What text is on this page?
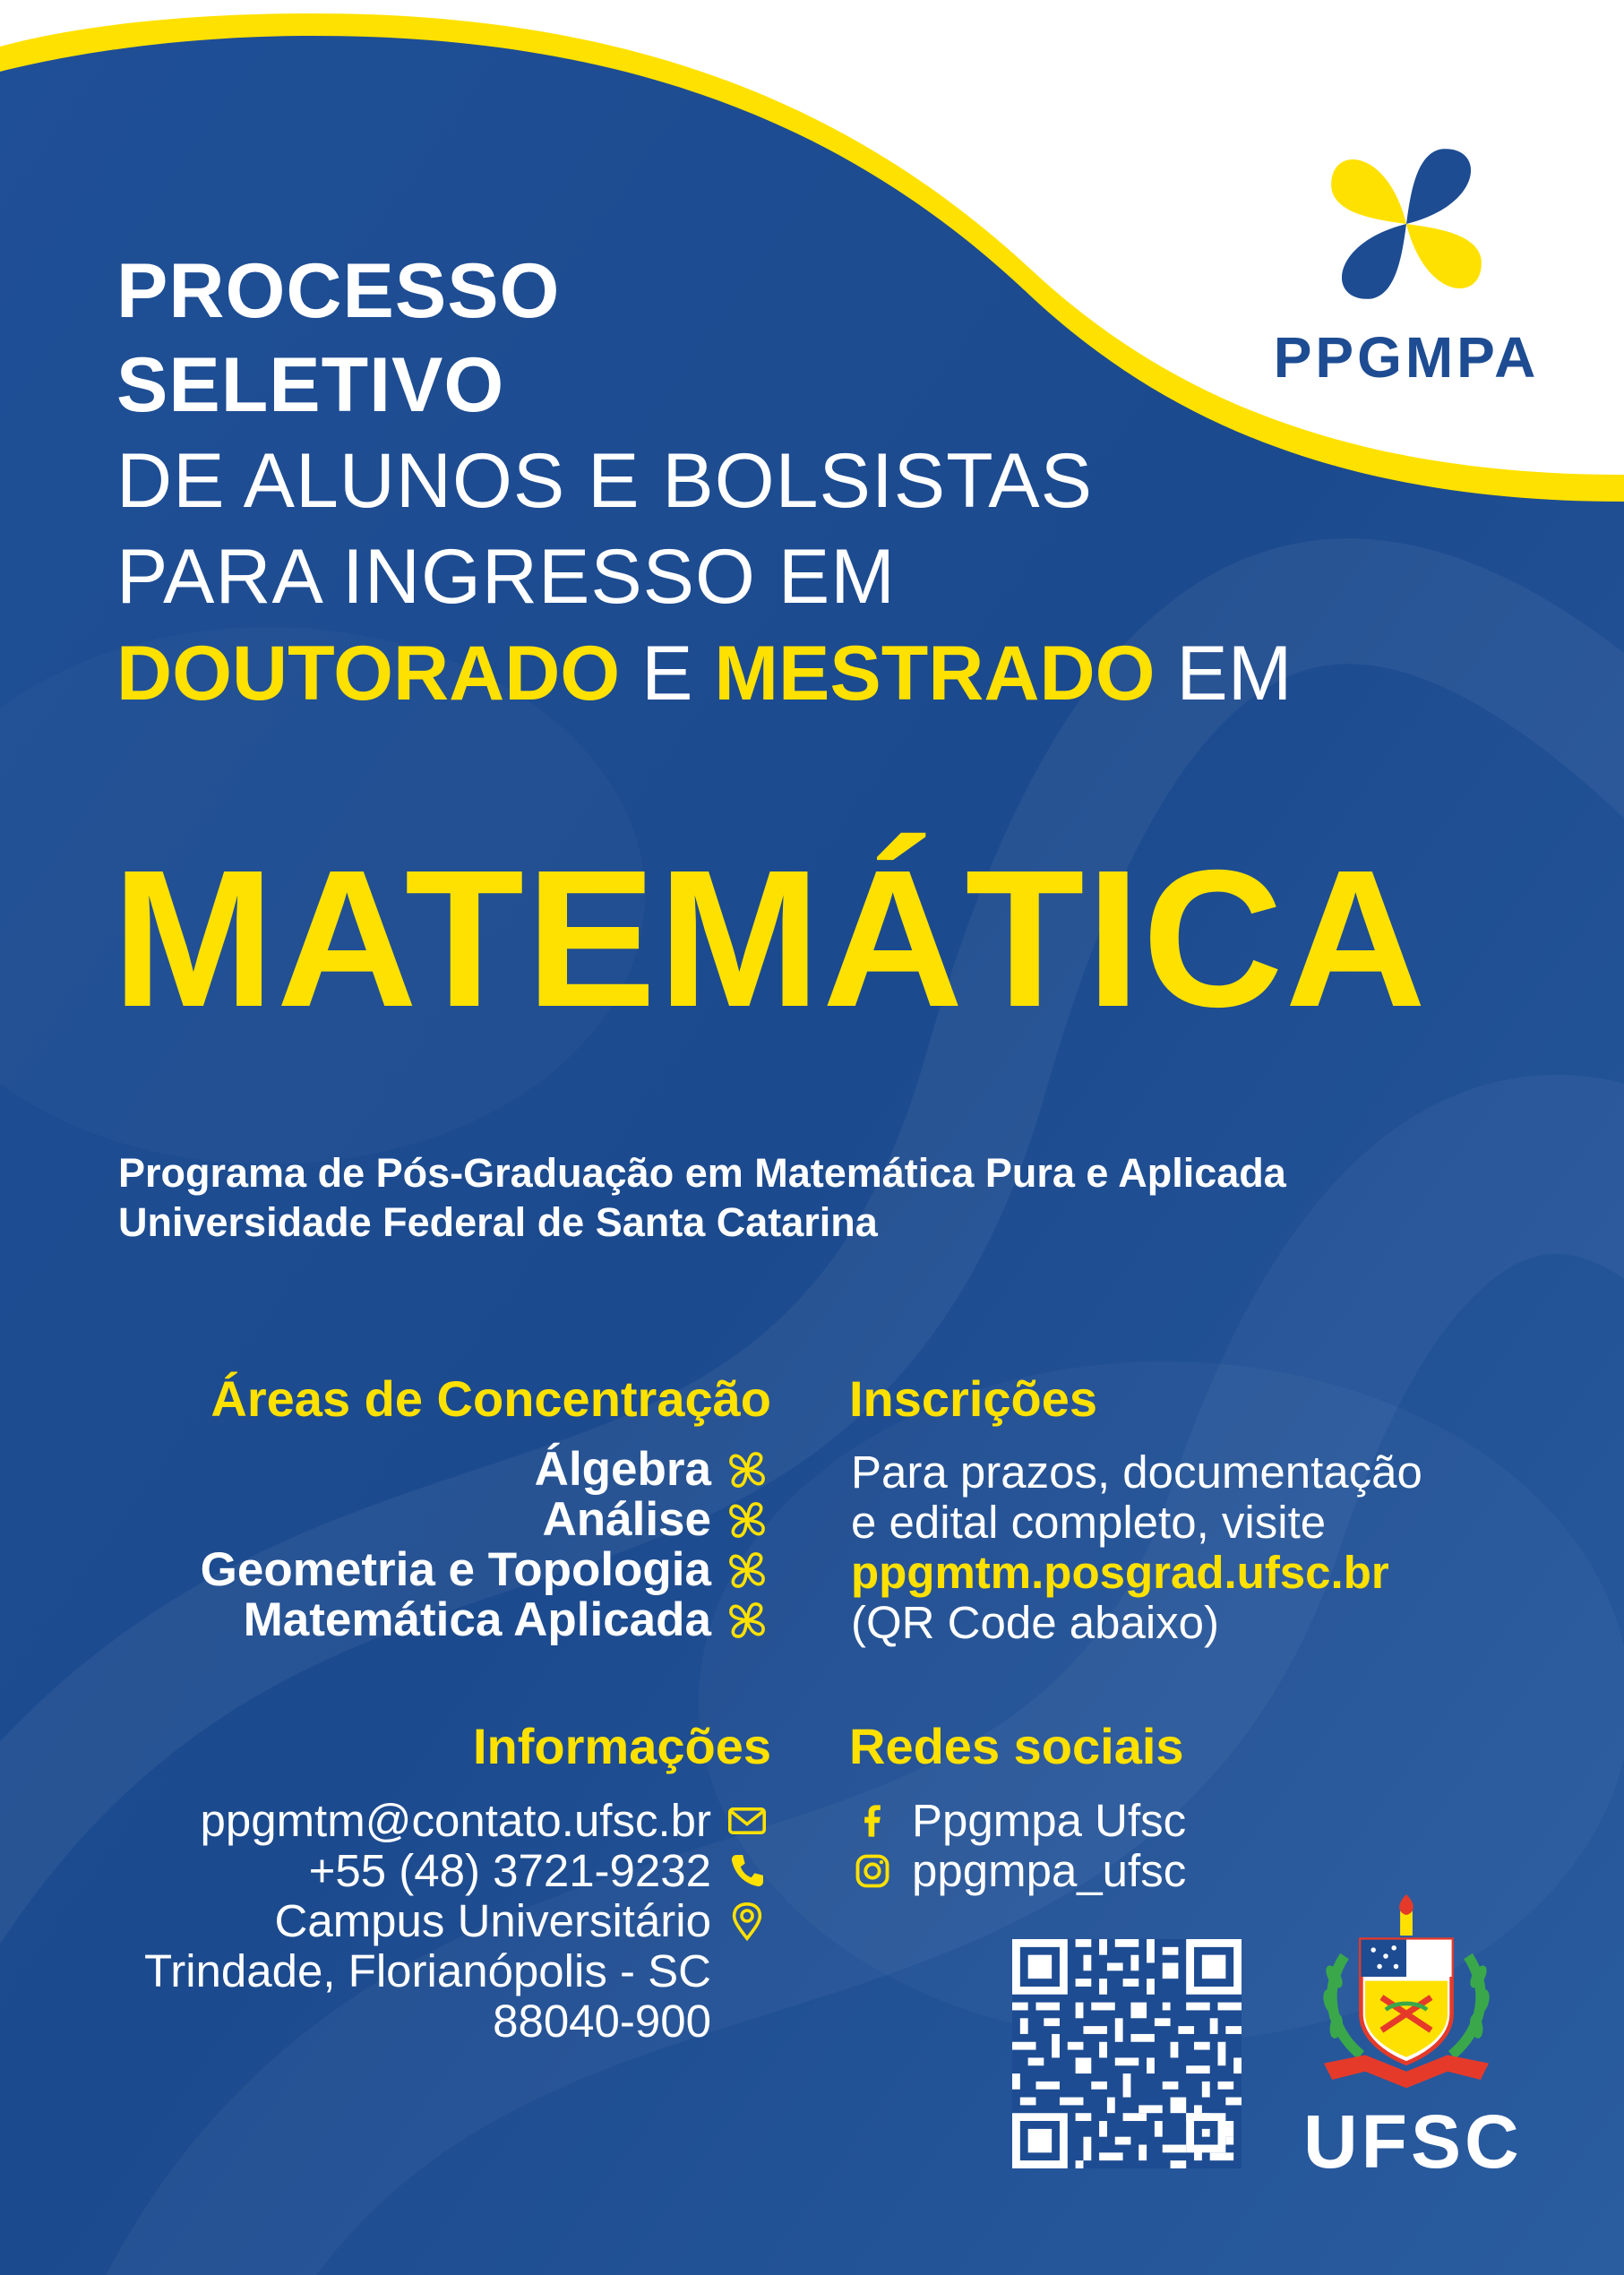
PPGMPA
PROCESSO
SELETIVO
DE ALUNOS E BOLSISTAS
PARA INGRESSO EM
DOUTORADO E MESTRADO EM
MATEMÁTICA
Programa de Pós-Graduação em Matemática Pura e Aplicada
Universidade Federal de Santa Catarina
Áreas de Concentração
Álgebra
Análise
Geometria e Topologia
Matemática Aplicada
Inscrições
Para prazos, documentação
e edital completo, visite
ppgmtm.posgrad.ufsc.br
(QR Code abaixo)
Informações
ppgmtm@contato.ufsc.br
+55 (48) 3721-9232
Campus Universitário
Trindade, Florianópolis - SC
88040-900
Redes sociais
Ppgmpa Ufsc
ppgmpa_ufsc
UFSC
